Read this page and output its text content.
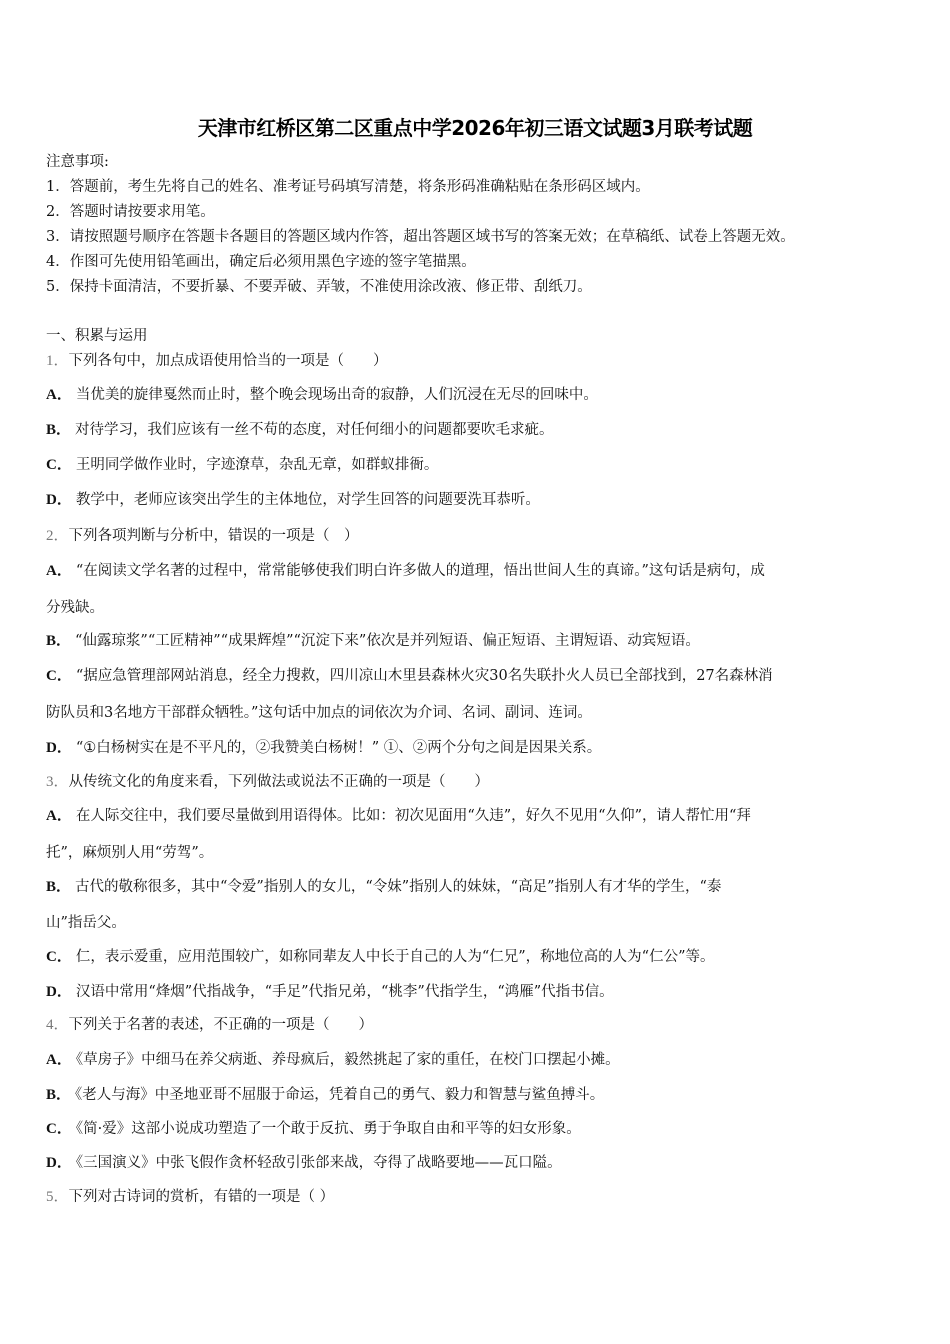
天津市红桥区第二区重点中学2026年初三语文试题3月联考试题
注意事项:
1．答题前，考生先将自己的姓名、准考证号码填写清楚，将条形码准确粘贴在条形码区域内。
2．答题时请按要求用笔。
3．请按照题号顺序在答题卡各题目的答题区域内作答，超出答题区域书写的答案无效；在草稿纸、试卷上答题无效。
4．作图可先使用铅笔画出，确定后必须用黑色字迹的签字笔描黑。
5．保持卡面清洁，不要折暴、不要弄破、弄皱，不准使用涂改液、修正带、刮纸刀。
一、积累与运用
1．下列各句中，加点成语使用恰当的一项是（　　）
A． 当优美的旋律戛然而止时，整个晚会现场出奇的寂静，人们沉浸在无尽的回味中。
B． 对待学习，我们应该有一丝不苟的态度，对任何细小的问题都要吹毛求疵。
C． 王明同学做作业时，字迹潦草，杂乱无章，如群蚁排衙。
D． 教学中，老师应该突出学生的主体地位，对学生回答的问题要洗耳恭听。
2．下列各项判断与分析中，错误的一项是（　）
A． “在阅读文学名著的过程中，常常能够使我们明白许多做人的道理，悟出世间人生的真谛。”这句话是病句，成
分残缺。
B． “仙露琼浆”“工匠精神”“成果辉煌”“沉淀下来”依次是并列短语、偏正短语、主谓短语、动宾短语。
C． “据应急管理部网站消息，经全力搜救，四川凉山木里县森林火灾30名失联扑火人员已全部找到，27名森林消
防队员和3名地方干部群众牺牲。”这句话中加点的词依次为介词、名词、副词、连词。
D． “①白杨树实在是不平凡的，②我赞美白杨树！” ①、②两个分句之间是因果关系。
3．从传统文化的角度来看，下列做法或说法不正确的一项是（　　）
A． 在人际交往中，我们要尽量做到用语得体。比如：初次见面用“久违”，好久不见用“久仰”，请人帮忙用“拜
托”，麻烦别人用“劳驾”。
B． 古代的敬称很多，其中“令爱”指别人的女儿，“令妹”指别人的妹妹，“高足”指别人有才华的学生，“泰
山”指岳父。
C． 仁，表示爱重，应用范围较广，如称同辈友人中长于自己的人为“仁兄”，称地位高的人为“仁公”等。
D． 汉语中常用“烽烟”代指战争，“手足”代指兄弟，“桃李”代指学生，“鸿雁”代指书信。
4．下列关于名著的表述，不正确的一项是（　　）
A． 《草房子》中细马在养父病逝、养母疯后，毅然挑起了家的重任，在校门口摆起小摊。
B． 《老人与海》中圣地亚哥不屈服于命运，凭着自己的勇气、毅力和智慧与鲨鱼搏斗。
C． 《简·爱》这部小说成功塑造了一个敢于反抗、勇于争取自由和平等的妇女形象。
D． 《三国演义》中张飞假作贪杯轻敌引张郃来战，夺得了战略要地——瓦口隘。
5．下列对古诗词的赏析，有错的一项是（ ）
